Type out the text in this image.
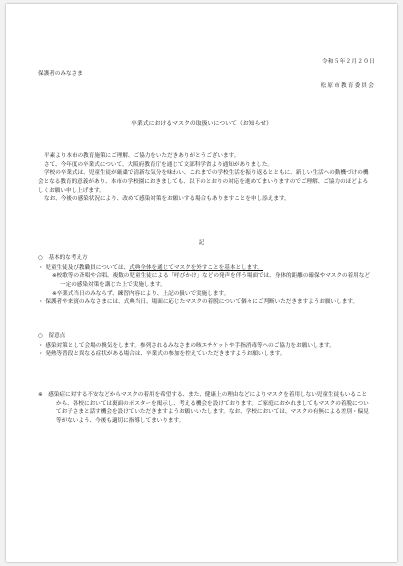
令和５年２月２０日
保護者のみなさま
松原市教育委員会
卒業式におけるマスクの取扱いについて（お知らせ）

平素より本市の教育施策にご理解、ご協力をいただきありがとうございます。

さて、今年度の卒業式について、大阪府教育庁を通じて文部科学省より通知がありました。

学校の卒業式は、児童生徒が厳粛で清新な気分を味わい、これまでの学校生活を振り返るとともに、新しい生活への動機づけの機会となる教育的意義があり、本市の学校園におきましても、以下のとおりの対応を進めてまいりますのでご理解、ご協力のほどよろしくお願い申し上げます。

なお、今後の感染状況により、改めて感染対策をお願いする場合もありますことを申し添えます。

記
○　基本的な考え方

・ 児童生徒及び教職員については、式典全体を通じてマスクを外すことを基本とします。

※校歌等の斉唱や合唱、複数の児童生徒による「呼びかけ」などの発声を伴う場面では、身体的距離の確保やマスクの着用など一定の感染対策を講じた上で実施します。

※卒業式当日のみならず、練習内容により、上記の扱いで実施します。

・ 保護者や来賓のみなさまには、式典当日、場面に応じたマスクの着脱について個々にご判断いただきますようお願いします。

○　留意点

・ 感染対策として会場の換気をします。参列されるみなさまの咳エチケットや手指消毒等へのご協力をお願いします。

・ 発熱等普段と異なる症状がある場合は、卒業式の参加を控えていただきますようお願いします。

※　感染症に対する不安などからマスクの着用を希望する、また、健康上の理由などによりマスクを着用しない児童生徒もいることから、各校においては裏面のポスターを掲示し、考える機会を設けております。ご家庭におかれましてもマスクの着脱についてお子さまと話す機会を設けていただきますようお願いいたします。なお、学校においては、マスクの有無による差別・偏見等がないよう、今後も適切に指導してまいります。
